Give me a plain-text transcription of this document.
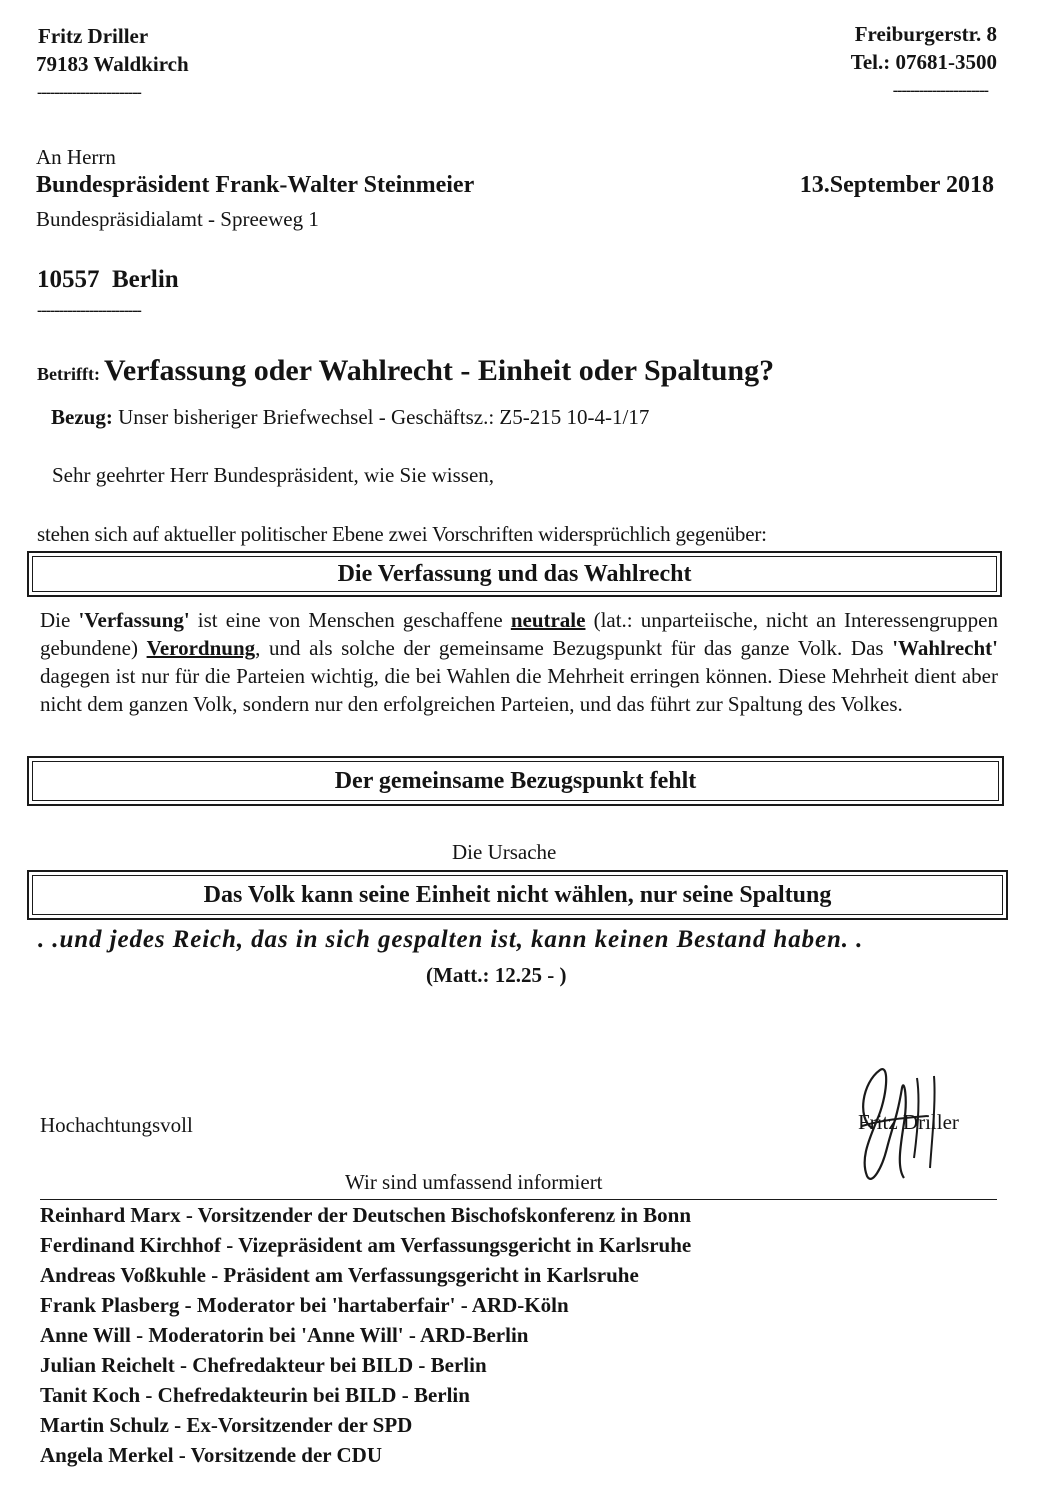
Fritz Driller
79183 Waldkirch
------------------------
Freiburgerstr. 8
Tel.: 07681-3500
----------------------
An Herrn
Bundespräsident Frank-Walter Steinmeier
Bundespräsidialamt - Spreeweg 1
13.September 2018
10557  Berlin
------------------------
Betrifft: Verfassung oder Wahlrecht - Einheit oder Spaltung?
Bezug: Unser bisheriger Briefwechsel - Geschäftsz.: Z5-215 10-4-1/17
Sehr geehrter Herr Bundespräsident, wie Sie wissen,
stehen sich auf aktueller politischer Ebene zwei Vorschriften widersprüchlich gegenüber:
Die Verfassung und das Wahlrecht
Die 'Verfassung' ist eine von Menschen geschaffene neutrale (lat.: unparteiische, nicht an Interessengruppen gebundene) Verordnung, und als solche der gemeinsame Bezugspunkt für das ganze Volk. Das 'Wahlrecht' dagegen ist nur für die Parteien wichtig, die bei Wahlen die Mehrheit erringen können. Diese Mehrheit dient aber nicht dem ganzen Volk, sondern nur den erfolgreichen Parteien, und das führt zur Spaltung des Volkes.
Der gemeinsame Bezugspunkt fehlt
Die Ursache
Das Volk kann seine Einheit nicht wählen, nur seine Spaltung
. .und jedes Reich, das in sich gespalten ist, kann keinen Bestand haben. .
(Matt.: 12.25 - )
Hochachtungsvoll	Fritz Driller
Wir sind umfassend informiert
Reinhard Marx - Vorsitzender der Deutschen Bischofskonferenz in Bonn
Ferdinand Kirchhof - Vizepräsident am Verfassungsgericht in Karlsruhe
Andreas Voßkuhle - Präsident am Verfassungsgericht in Karlsruhe
Frank Plasberg - Moderator bei 'hartaberfair' - ARD-Köln
Anne Will - Moderatorin bei 'Anne Will' - ARD-Berlin
Julian Reichelt - Chefredakteur bei BILD - Berlin
Tanit Koch - Chefredakteurin bei BILD - Berlin
Martin Schulz - Ex-Vorsitzender der SPD
Angela Merkel - Vorsitzende der CDU
